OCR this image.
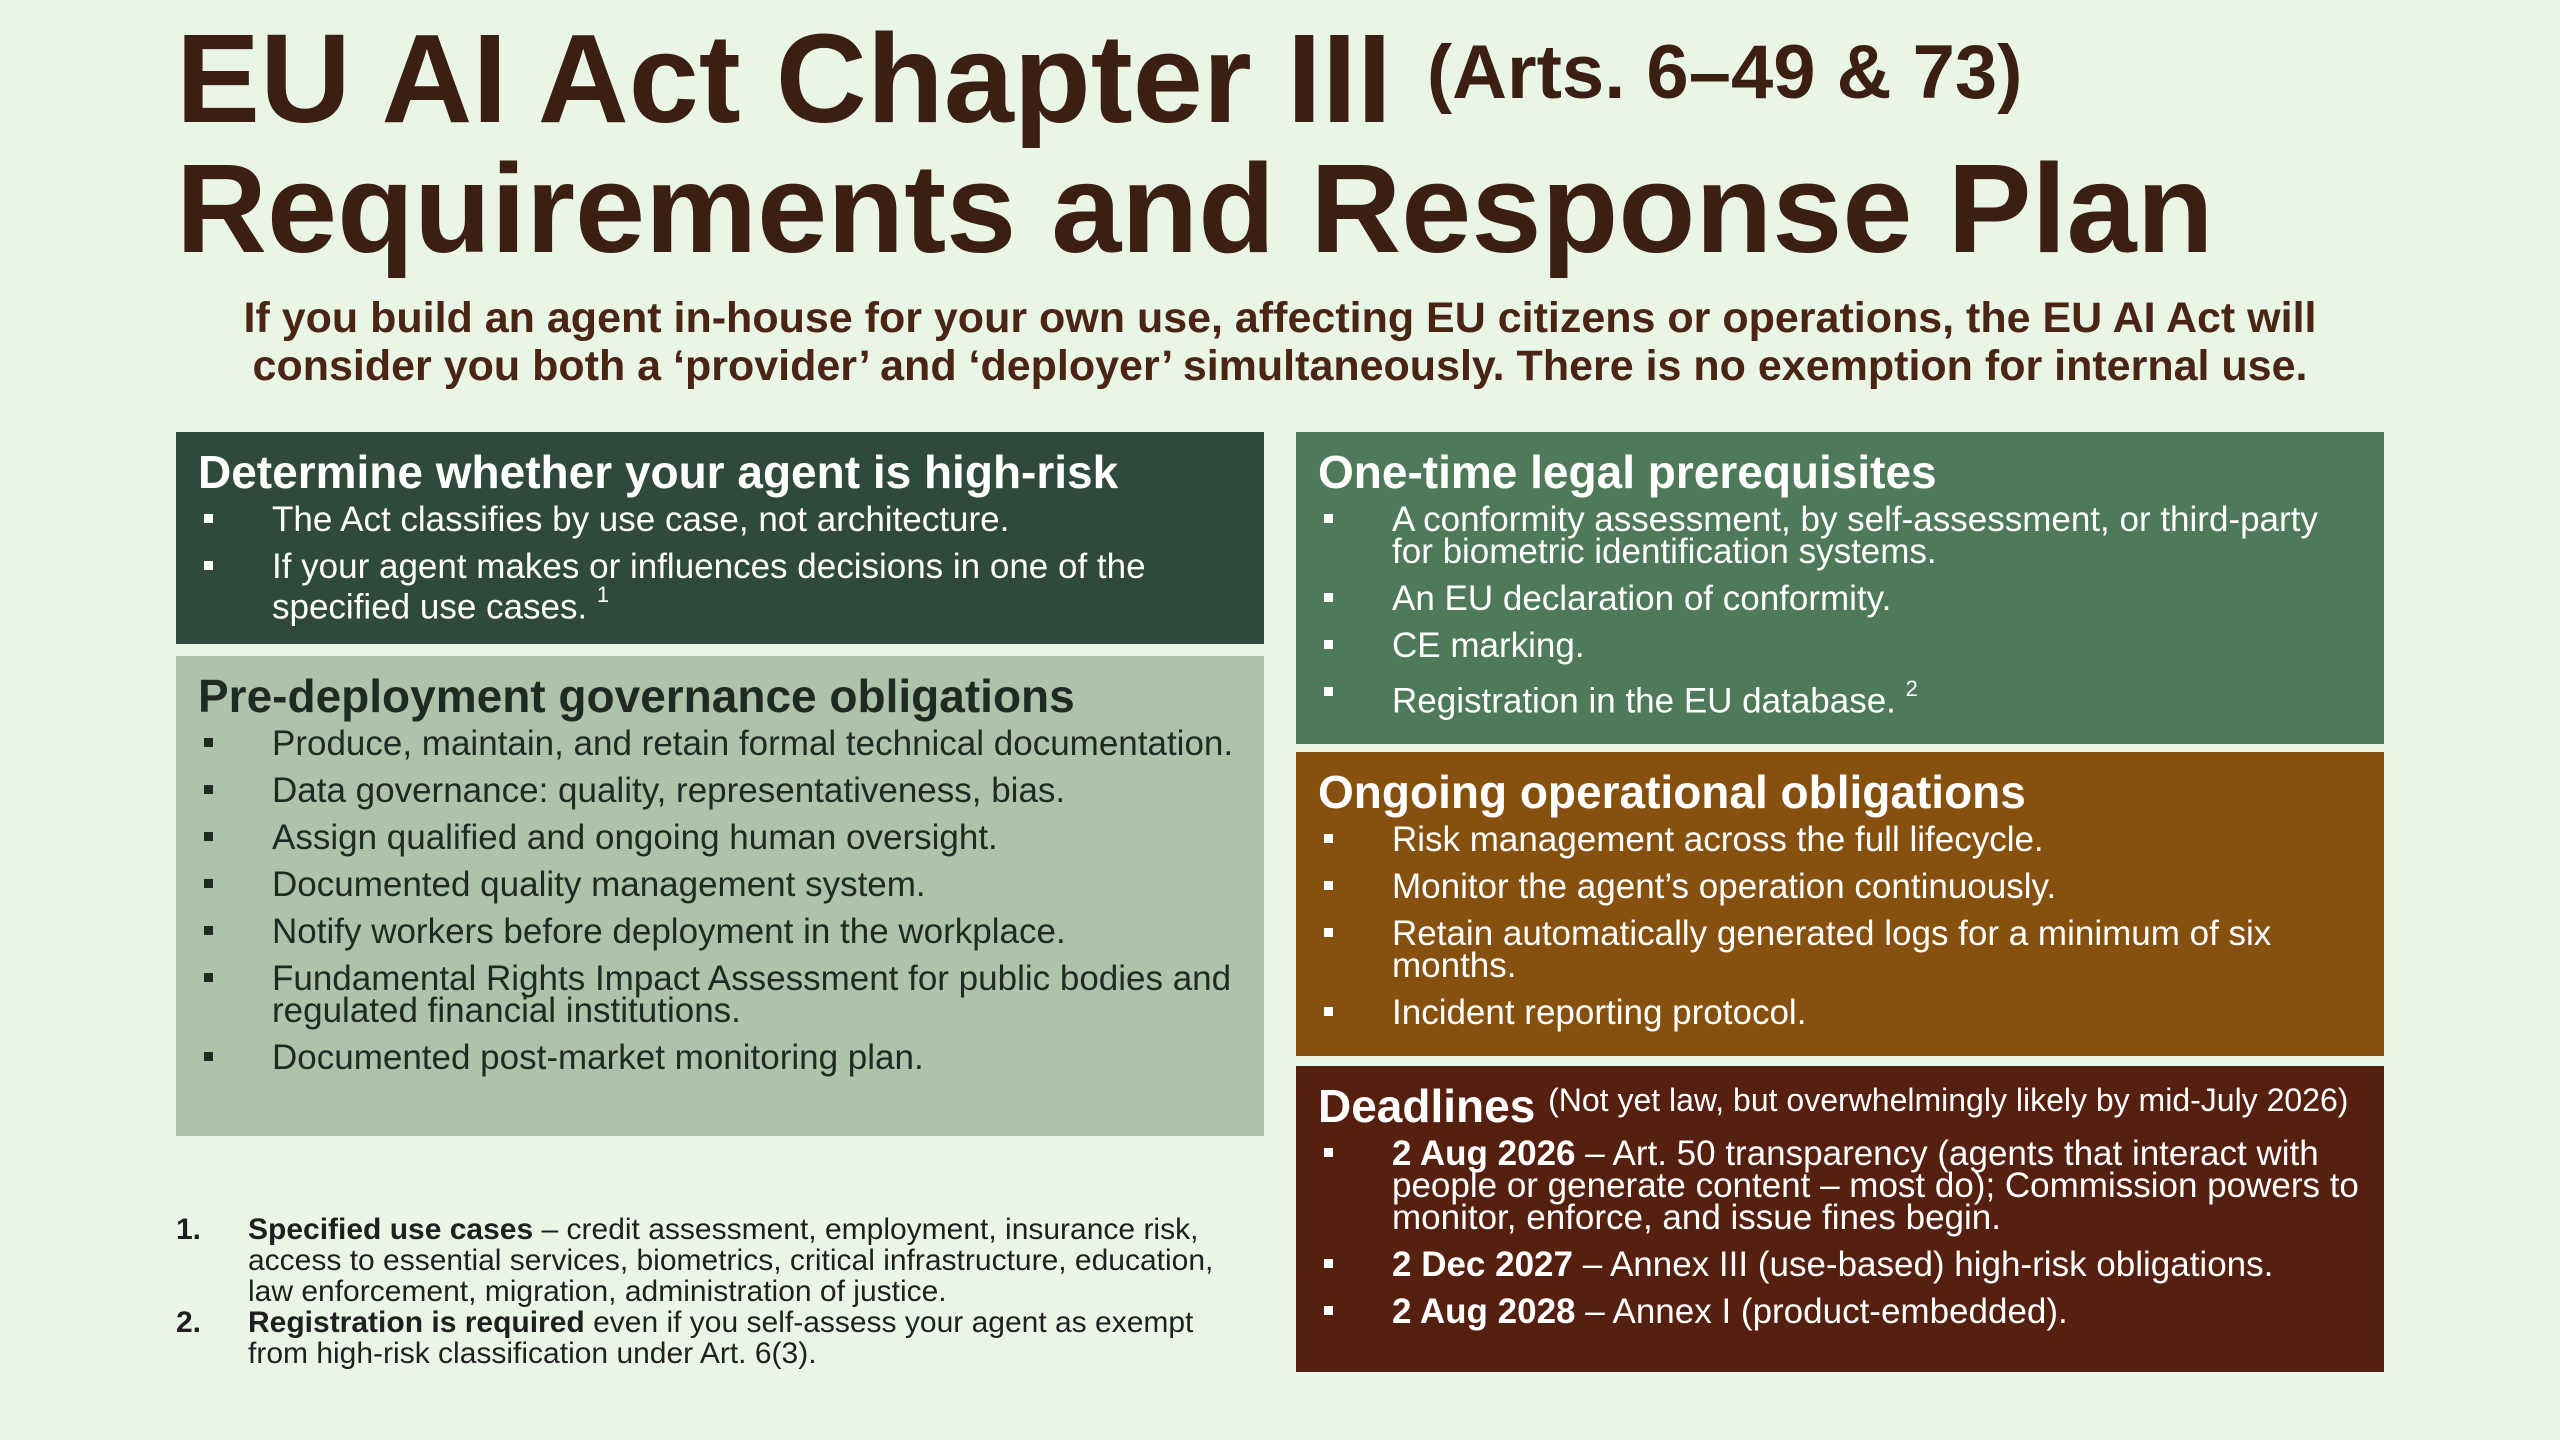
EU AI Act Chapter III $^{(Arts. 6-49 \& 73)}$
Requirements and Response Plan
If you build an agent in-house for your own use, affecting EU citizens or operations, the EU AI Act will
consider you both a ‘provider’ and ‘deployer’ simultaneously. There is no exemption for internal use.
Determine whether your agent is high-risk
The Act classifies by use case, not architecture.
If your agent makes or influences decisions in one of the specified use cases. $^1$
Pre-deployment governance obligations
Produce, maintain, and retain formal technical documentation.
Data governance: quality, representativeness, bias.
Assign qualified and ongoing human oversight.
Documented quality management system.
Notify workers before deployment in the workplace.
Fundamental Rights Impact Assessment for public bodies and regulated financial institutions.
Documented post-market monitoring plan.
One-time legal prerequisites
A conformity assessment, by self-assessment, or third-party for biometric identification systems.
An EU declaration of conformity.
CE marking.
Registration in the EU database. $^2$
Ongoing operational obligations
Risk management across the full lifecycle.
Monitor the agent’s operation continuously.
Retain automatically generated logs for a minimum of six months.
Incident reporting protocol.
Deadlines $^{(Not yet law, but overwhelmingly likely by mid-July 2026)}$
2 Aug 2026 – Art. 50 transparency (agents that interact with people or generate content – most do); Commission powers to monitor, enforce, and issue fines begin.
2 Dec 2027 – Annex III (use-based) high-risk obligations.
2 Aug 2028 – Annex I (product-embedded).
1. Specified use cases – credit assessment, employment, insurance risk, access to essential services, biometrics, critical infrastructure, education, law enforcement, migration, administration of justice.
2. Registration is required even if you self-assess your agent as exempt from high-risk classification under Art. 6(3).
